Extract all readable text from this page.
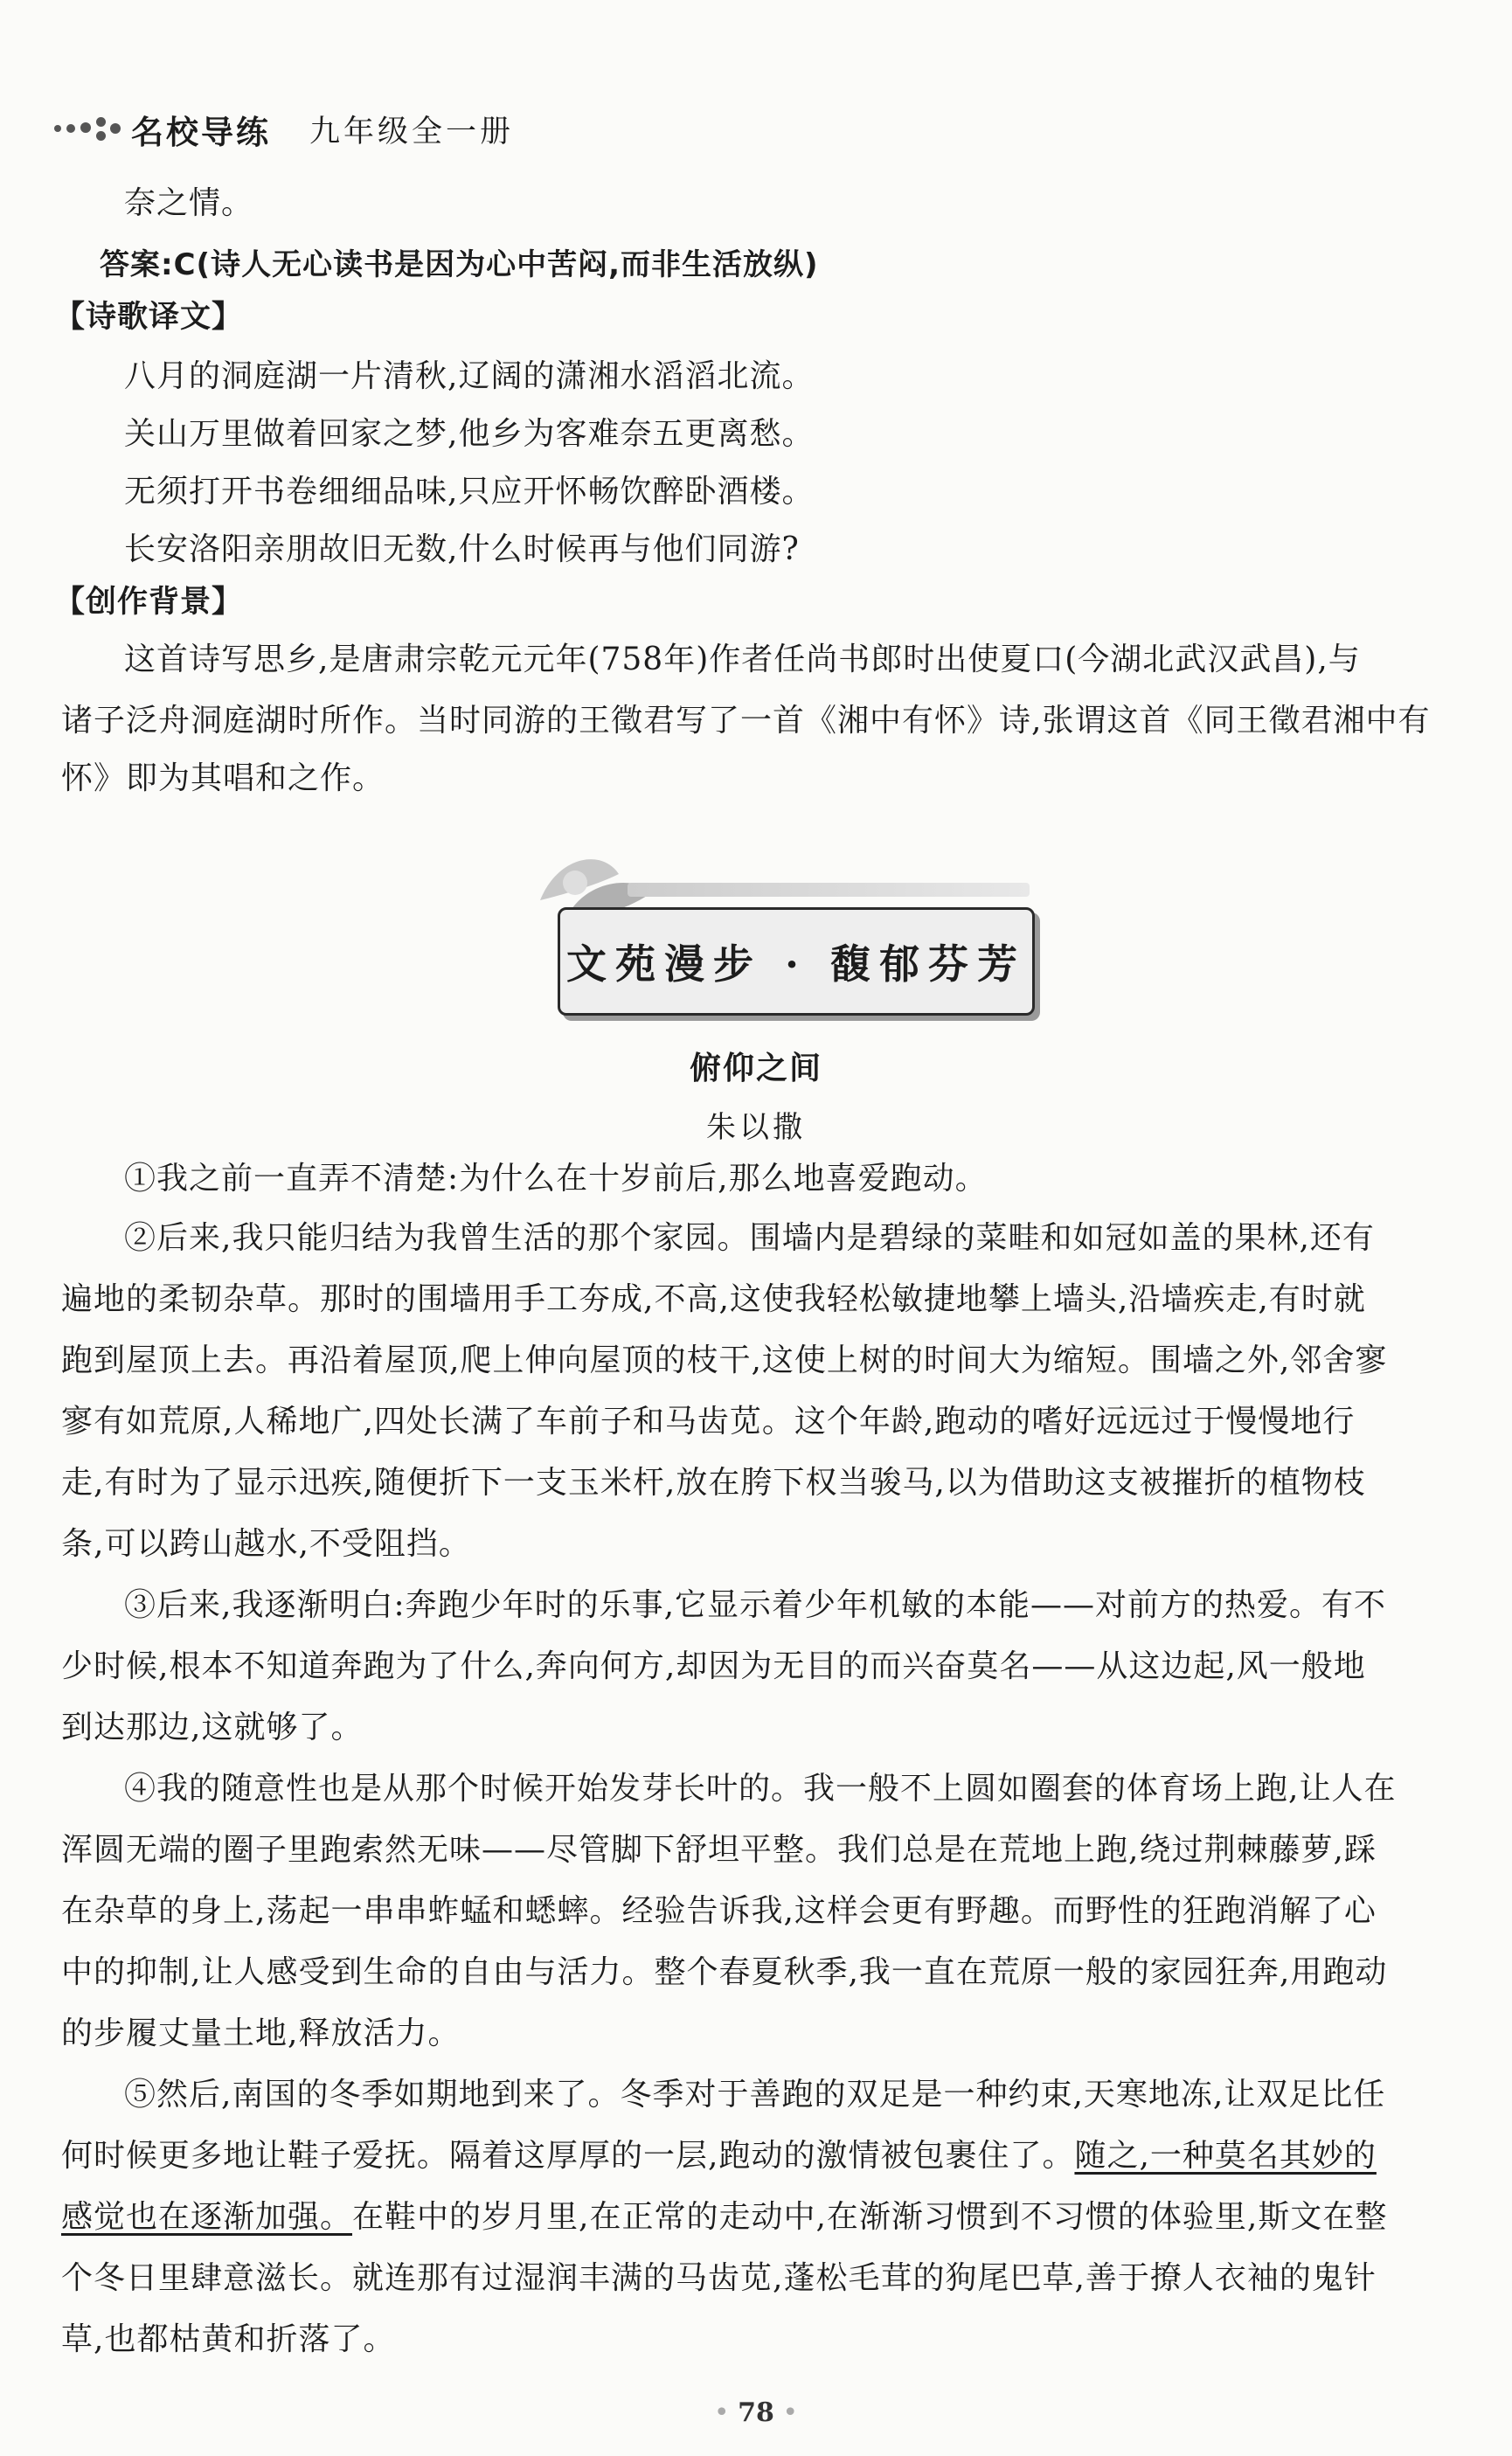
名校导练 九年级全一册
奈之情。
答案:C(诗人无心读书是因为心中苦闷,而非生活放纵)
【诗歌译文】
八月的洞庭湖一片清秋,辽阔的潇湘水滔滔北流。
关山万里做着回家之梦,他乡为客难奈五更离愁。
无须打开书卷细细品味,只应开怀畅饮醉卧酒楼。
长安洛阳亲朋故旧无数,什么时候再与他们同游?
【创作背景】
这首诗写思乡,是唐肃宗乾元元年(758年)作者任尚书郎时出使夏口(今湖北武汉武昌),与
诸子泛舟洞庭湖时所作。当时同游的王徵君写了一首《湘中有怀》诗,张谓这首《同王徵君湘中有
怀》即为其唱和之作。
文苑漫步 · 馥郁芬芳
俯仰之间
朱以撒
①我之前一直弄不清楚:为什么在十岁前后,那么地喜爱跑动。
②后来,我只能归结为我曾生活的那个家园。围墙内是碧绿的菜畦和如冠如盖的果林,还有
遍地的柔韧杂草。那时的围墙用手工夯成,不高,这使我轻松敏捷地攀上墙头,沿墙疾走,有时就
跑到屋顶上去。再沿着屋顶,爬上伸向屋顶的枝干,这使上树的时间大为缩短。围墙之外,邻舍寥
寥有如荒原,人稀地广,四处长满了车前子和马齿苋。这个年龄,跑动的嗜好远远过于慢慢地行
走,有时为了显示迅疾,随便折下一支玉米杆,放在胯下权当骏马,以为借助这支被摧折的植物枝
条,可以跨山越水,不受阻挡。
③后来,我逐渐明白:奔跑少年时的乐事,它显示着少年机敏的本能——对前方的热爱。有不
少时候,根本不知道奔跑为了什么,奔向何方,却因为无目的而兴奋莫名——从这边起,风一般地
到达那边,这就够了。
④我的随意性也是从那个时候开始发芽长叶的。我一般不上圆如圈套的体育场上跑,让人在
浑圆无端的圈子里跑索然无味——尽管脚下舒坦平整。我们总是在荒地上跑,绕过荆棘藤萝,踩
在杂草的身上,荡起一串串蚱蜢和蟋蟀。经验告诉我,这样会更有野趣。而野性的狂跑消解了心
中的抑制,让人感受到生命的自由与活力。整个春夏秋季,我一直在荒原一般的家园狂奔,用跑动
的步履丈量土地,释放活力。
⑤然后,南国的冬季如期地到来了。冬季对于善跑的双足是一种约束,天寒地冻,让双足比任
何时候更多地让鞋子爱抚。隔着这厚厚的一层,跑动的激情被包裹住了。随之,一种莫名其妙的
感觉也在逐渐加强。在鞋中的岁月里,在正常的走动中,在渐渐习惯到不习惯的体验里,斯文在整
个冬日里肆意滋长。就连那有过湿润丰满的马齿苋,蓬松毛茸的狗尾巴草,善于撩人衣袖的鬼针
草,也都枯黄和折落了。
• 78 •
